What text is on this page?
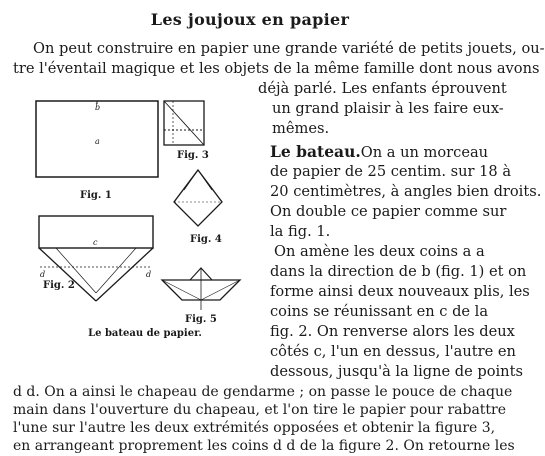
Les joujoux en papier
On peut construire en papier une grande variété de petits jouets, ou-
tre l'éventail magique et les objets de la même famille dont nous avons
déjà parlé. Les enfants éprouvent
un grand plaisir à les faire eux-
mêmes.
Le bateau.On a un morceau
de papier de 25 centim. sur 18 à
20 centimètres, à angles bien droits.
On double ce papier comme sur
la fig. 1.
On amène les deux coins a a
dans la direction de b (fig. 1) et on
forme ainsi deux nouveaux plis, les
coins se réunissant en c de la
fig. 2. On renverse alors les deux
côtés c, l'un en dessus, l'autre en
dessous, jusqu'à la ligne de points
d d. On a ainsi le chapeau de gendarme ; on passe le pouce de chaque
main dans l'ouverture du chapeau, et l'on tire le papier pour rabattre
l'une sur l'autre les deux extrémités opposées et obtenir la figure 3,
en arrangeant proprement les coins d d de la figure 2. On retourne les
b
a
Fig. 1
Fig. 3
Fig. 4
c
d	d
Fig. 2
Fig. 5
Le bateau de papier.
